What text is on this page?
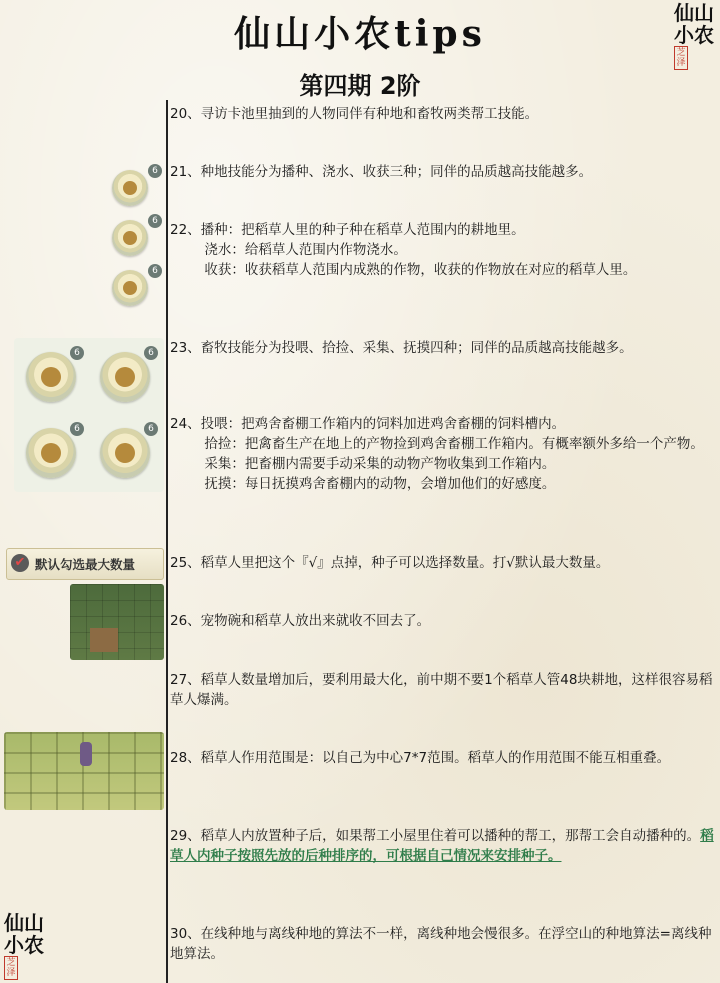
仙山小农tips
第四期 2阶
仙山小农 芝泽
6
6
6
6	6
6	6
✔ 默认勾选最大数量
仙山小农 芝泽
20、寻访卡池里抽到的人物同伴有种地和畜牧两类帮工技能。
21、种地技能分为播种、浇水、收获三种；同伴的品质越高技能越多。
22、播种：把稻草人里的种子种在稻草人范围内的耕地里。
浇水：给稻草人范围内作物浇水。
收获：收获稻草人范围内成熟的作物，收获的作物放在对应的稻草人里。
23、畜牧技能分为投喂、拾捡、采集、抚摸四种；同伴的品质越高技能越多。
24、投喂：把鸡舍畜棚工作箱内的饲料加进鸡舍畜棚的饲料槽内。
拾捡：把禽畜生产在地上的产物捡到鸡舍畜棚工作箱内。有概率额外多给一个产物。
采集：把畜棚内需要手动采集的动物产物收集到工作箱内。
抚摸：每日抚摸鸡舍畜棚内的动物，会增加他们的好感度。
25、稻草人里把这个『√』点掉，种子可以选择数量。打√默认最大数量。
26、宠物碗和稻草人放出来就收不回去了。
27、稻草人数量增加后，要利用最大化，前中期不要1个稻草人管48块耕地，这样很容易稻草人爆满。
28、稻草人作用范围是：以自己为中心7*7范围。稻草人的作用范围不能互相重叠。
29、稻草人内放置种子后，如果帮工小屋里住着可以播种的帮工，那帮工会自动播种的。稻草人内种子按照先放的后种排序的，可根据自己情况来安排种子。
30、在线种地与离线种地的算法不一样，离线种地会慢很多。在浮空山的种地算法=离线种地算法。
